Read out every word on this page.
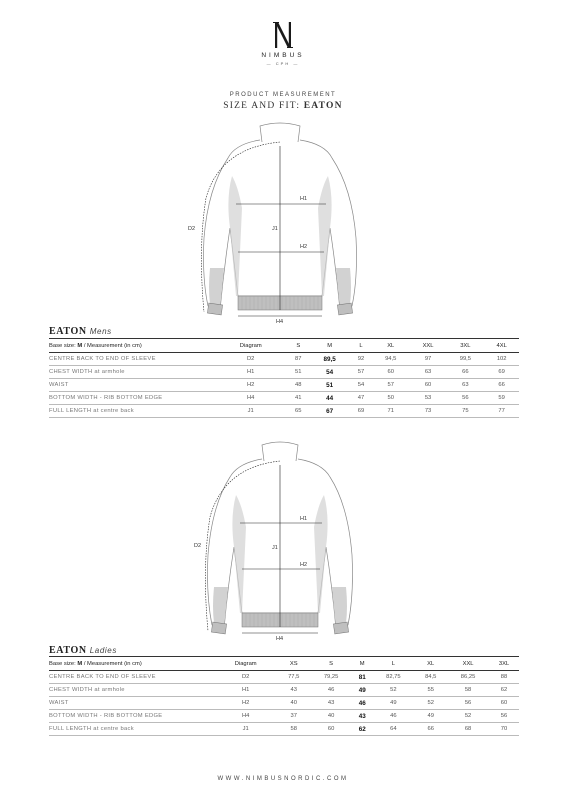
NIMBUS
— CPH —
PRODUCT MEASUREMENT
SIZE AND FIT: EATON
H1
H2
H4
J1
D2
EATON Mens
Base size: M / Measurement (in cm)	Diagram	S	M	L	XL	XXL	3XL	4XL
CENTRE BACK TO END OF SLEEVE	D2	87	89,5	92	94,5	97	99,5	102
CHEST WIDTH at armhole	H1	51	54	57	60	63	66	69
WAIST	H2	48	51	54	57	60	63	66
BOTTOM WIDTH - RIB BOTTOM EDGE	H4	41	44	47	50	53	56	59
FULL LENGTH at centre back	J1	65	67	69	71	73	75	77
H1
H2
H4
J1
D2
EATON Ladies
Base size: M / Measurement (in cm)	Diagram	XS	S	M	L	XL	XXL	3XL
CENTRE BACK TO END OF SLEEVE	D2	77,5	79,25	81	82,75	84,5	86,25	88
CHEST WIDTH at armhole	H1	43	46	49	52	55	58	62
WAIST	H2	40	43	46	49	52	56	60
BOTTOM WIDTH - RIB BOTTOM EDGE	H4	37	40	43	46	49	52	56
FULL LENGTH at centre back	J1	58	60	62	64	66	68	70
WWW.NIMBUSNORDIC.COM
